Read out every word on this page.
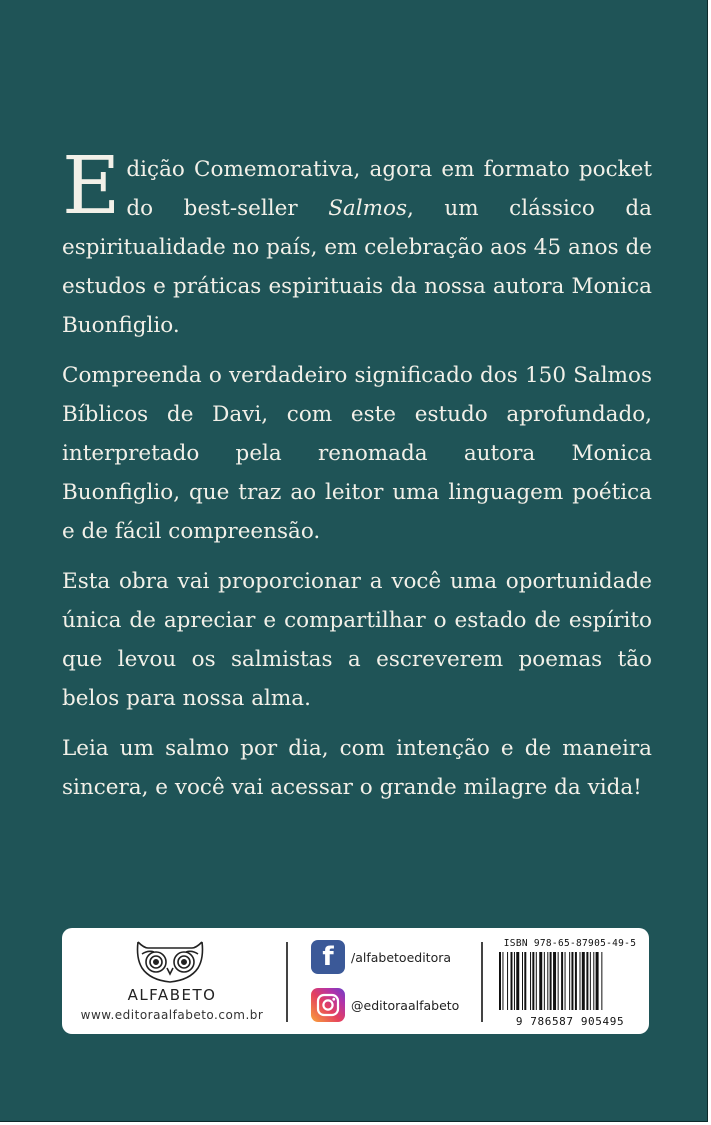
Edição Comemorativa, agora em formato pocket do best-seller Salmos, um clássico da espiritualidade no país, em celebração aos 45 anos de estudos e práticas espirituais da nossa autora Monica Buonfiglio.

Compreenda o verdadeiro significado dos 150 Salmos Bíblicos de Davi, com este estudo aprofundado, interpretado pela renomada autora Monica Buonfiglio, que traz ao leitor uma linguagem poética e de fácil compreensão.

Esta obra vai proporcionar a você uma oportunidade única de apreciar e compartilhar o estado de espírito que levou os salmistas a escreverem poemas tão belos para nossa alma.

Leia um salmo por dia, com intenção e de maneira sincera, e você vai acessar o grande milagre da vida!

ALFABETO
www.editoraalfabeto.com.br
f	/alfabetoeditora
@editoraalfabeto
ISBN 978-65-87905-49-5
9 786587 905495
